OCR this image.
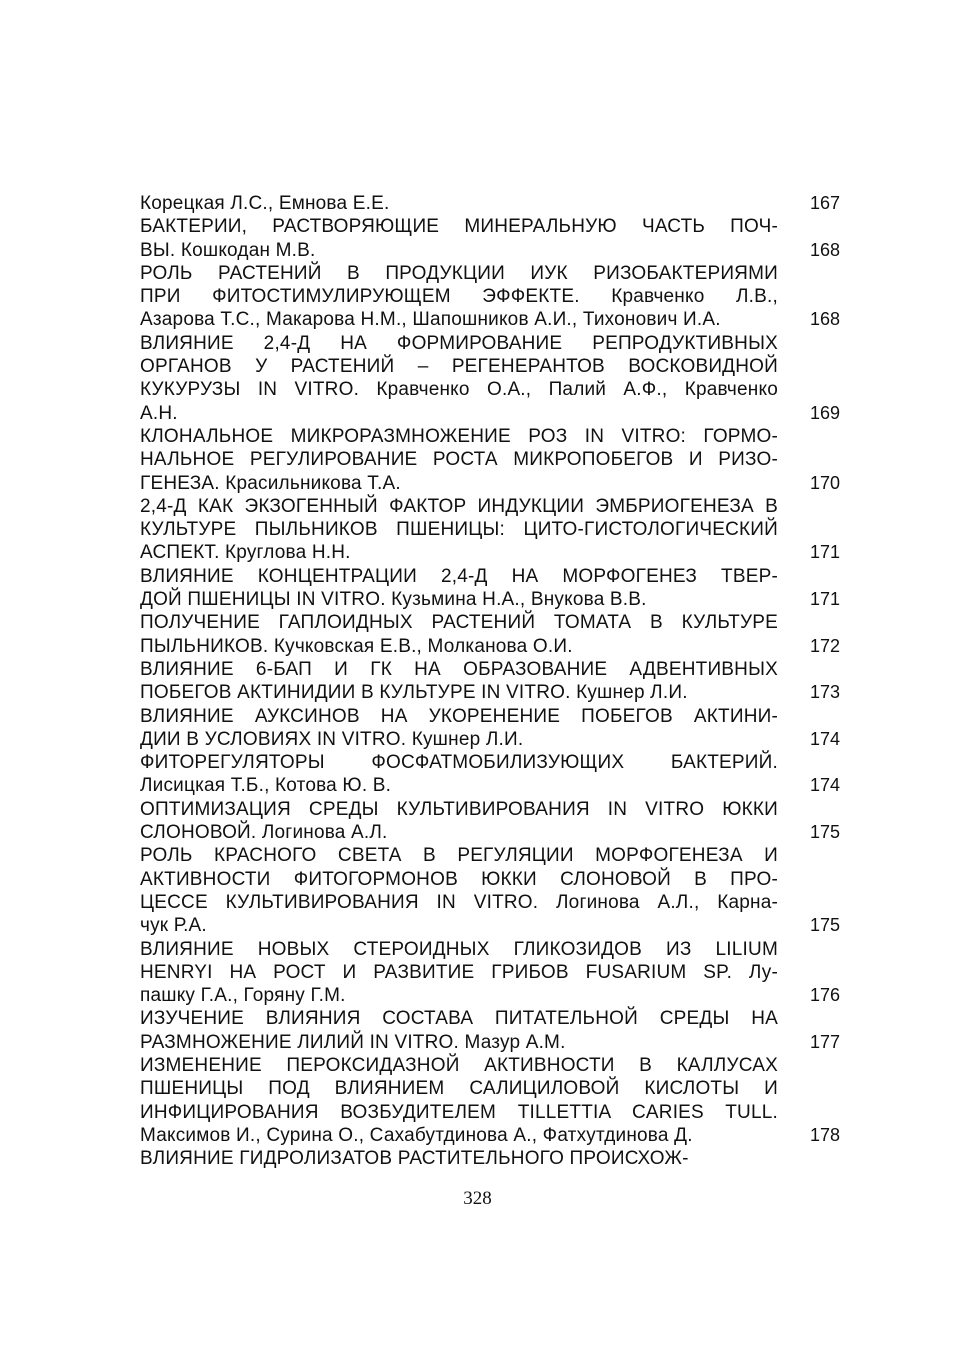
Корецкая Л.С., Емнова Е.Е.	167
БАКТЕРИИ, РАСТВОРЯЮЩИЕ МИНЕРАЛЬНУЮ ЧАСТЬ ПОЧ-
ВЫ. Кошкодан М.В.	168
РОЛЬ РАСТЕНИЙ В ПРОДУКЦИИ ИУК РИЗОБАКТЕРИЯМИ
ПРИ ФИТОСТИМУЛИРУЮЩЕМ ЭФФЕКТЕ. Кравченко Л.В.,
Азарова Т.С., Макарова Н.М., Шапошников А.И., Тихонович И.А.	168
ВЛИЯНИЕ 2,4-Д НА ФОРМИРОВАНИЕ РЕПРОДУКТИВНЫХ
ОРГАНОВ У РАСТЕНИЙ – РЕГЕНЕРАНТОВ ВОСКОВИДНОЙ
КУКУРУЗЫ IN VITRO. Кравченко О.А., Палий А.Ф., Кравченко
А.Н.	169
КЛОНАЛЬНОЕ МИКРОРАЗМНОЖЕНИЕ РОЗ IN VITRO: ГОРМО-
НАЛЬНОЕ РЕГУЛИРОВАНИЕ РОСТА МИКРОПОБЕГОВ И РИЗО-
ГЕНЕЗА. Красильникова Т.А.	170
2,4-Д КАК ЭКЗОГЕННЫЙ ФАКТОР ИНДУКЦИИ ЭМБРИОГЕНЕЗА В
КУЛЬТУРЕ ПЫЛЬНИКОВ ПШЕНИЦЫ: ЦИТО-ГИСТОЛОГИЧЕСКИЙ
АСПЕКТ. Круглова Н.Н.	171
ВЛИЯНИЕ КОНЦЕНТРАЦИИ 2,4-Д НА МОРФОГЕНЕЗ ТВЕР-
ДОЙ ПШЕНИЦЫ IN VITRO. Кузьмина Н.А., Внукова В.В.	171
ПОЛУЧЕНИЕ ГАПЛОИДНЫХ РАСТЕНИЙ ТОМАТА В КУЛЬТУРЕ
ПЫЛЬНИКОВ. Кучковская Е.В., Молканова О.И.	172
ВЛИЯНИЕ 6-БАП И ГК НА ОБРАЗОВАНИЕ АДВЕНТИВНЫХ
ПОБЕГОВ АКТИНИДИИ В КУЛЬТУРЕ IN VITRO. Кушнер Л.И.	173
ВЛИЯНИЕ АУКСИНОВ НА УКОРЕНЕНИЕ ПОБЕГОВ АКТИНИ-
ДИИ В УСЛОВИЯХ IN VITRO. Кушнер Л.И.	174
ФИТОРЕГУЛЯТОРЫ ФОСФАТМОБИЛИЗУЮЩИХ БАКТЕРИЙ.
Лисицкая Т.Б., Котова Ю. В.	174
ОПТИМИЗАЦИЯ СРЕДЫ КУЛЬТИВИРОВАНИЯ IN VITRO ЮККИ
СЛОНОВОЙ. Логинова А.Л.	175
РОЛЬ КРАСНОГО СВЕТА В РЕГУЛЯЦИИ МОРФОГЕНЕЗА И
АКТИВНОСТИ ФИТОГОРМОНОВ ЮККИ СЛОНОВОЙ В ПРО-
ЦЕССЕ КУЛЬТИВИРОВАНИЯ IN VITRO. Логинова А.Л., Карна-
чук Р.А.	175
ВЛИЯНИЕ НОВЫХ СТЕРОИДНЫХ ГЛИКОЗИДОВ ИЗ LILIUM
HENRYI НА РОСТ И РАЗВИТИЕ ГРИБОВ FUSARIUM SP. Лу-
пашку Г.А., Горяну Г.М.	176
ИЗУЧЕНИЕ ВЛИЯНИЯ СОСТАВА ПИТАТЕЛЬНОЙ СРЕДЫ НА
РАЗМНОЖЕНИЕ ЛИЛИЙ IN VITRO. Мазур А.М.	177
ИЗМЕНЕНИЕ ПЕРОКСИДАЗНОЙ АКТИВНОСТИ В КАЛЛУСАХ
ПШЕНИЦЫ ПОД ВЛИЯНИЕМ САЛИЦИЛОВОЙ КИСЛОТЫ И
ИНФИЦИРОВАНИЯ ВОЗБУДИТЕЛЕМ TILLETTIA CARIES TULL.
Максимов И., Сурина О., Сахабутдинова А., Фатхутдинова Д.	178
ВЛИЯНИЕ ГИДРОЛИЗАТОВ РАСТИТЕЛЬНОГО ПРОИСХОЖ-
328
